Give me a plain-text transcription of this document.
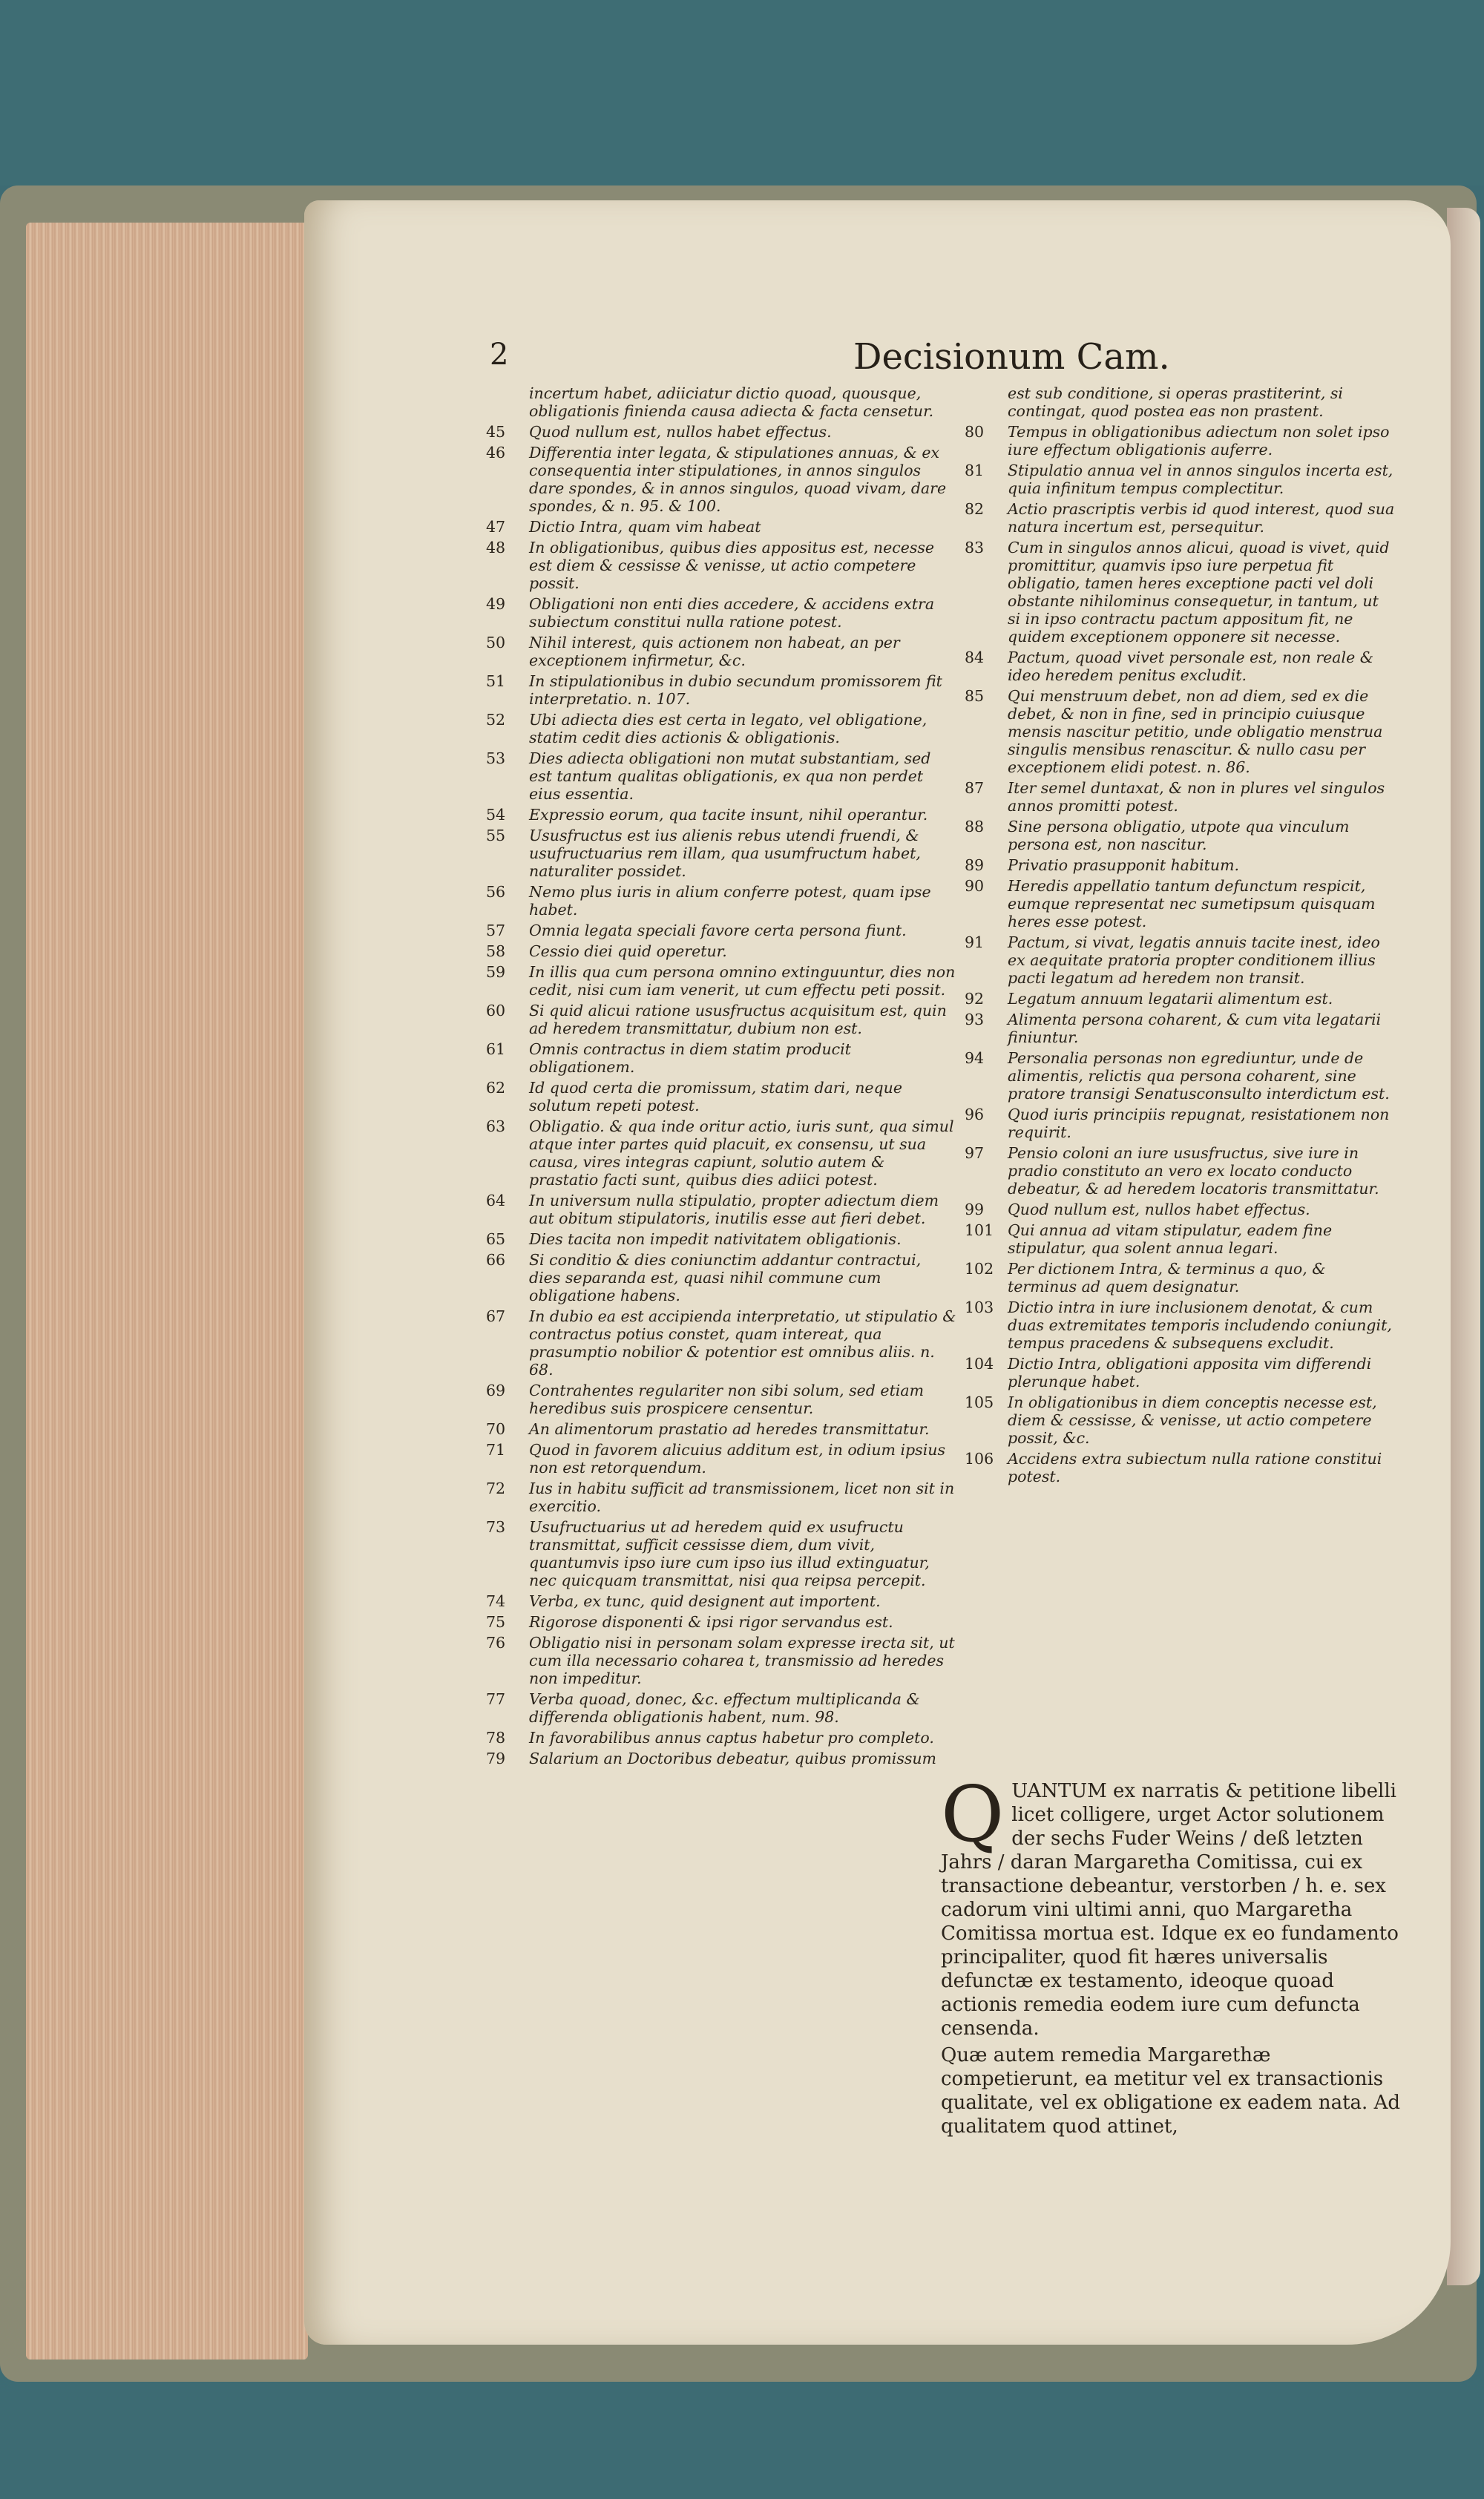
2	Decisionum Cam.

incertum habet, adiiciatur dictio quoad, quousque, obligationis finienda causa adiecta & facta censetur.

45	Quod nullum est, nullos habet effectus.

46	Differentia inter legata, & stipulationes annuas, & ex consequentia inter stipulationes, in annos singulos dare spondes, & in annos singulos, quoad vivam, dare spondes, & n. 95. & 100.

47	Dictio Intra, quam vim habeat

48	In obligationibus, quibus dies appositus est, necesse est diem & cessisse & venisse, ut actio competere possit.

49	Obligationi non enti dies accedere, & accidens extra subiectum constitui nulla ratione potest.

50	Nihil interest, quis actionem non habeat, an per exceptionem infirmetur, &c.

51	In stipulationibus in dubio secundum promissorem fit interpretatio. n. 107.

52	Ubi adiecta dies est certa in legato, vel obligatione, statim cedit dies actionis & obligationis.

53	Dies adiecta obligationi non mutat substantiam, sed est tantum qualitas obligationis, ex qua non perdet eius essentia.

54	Expressio eorum, qua tacite insunt, nihil operantur.

55	Ususfructus est ius alienis rebus utendi fruendi, & usufructuarius rem illam, qua usumfructum habet, naturaliter possidet.

56	Nemo plus iuris in alium conferre potest, quam ipse habet.

57	Omnia legata speciali favore certa persona fiunt.

58	Cessio diei quid operetur.

59	In illis qua cum persona omnino extinguuntur, dies non cedit, nisi cum iam venerit, ut cum effectu peti possit.

60	Si quid alicui ratione ususfructus acquisitum est, quin ad heredem transmittatur, dubium non est.

61	Omnis contractus in diem statim producit obligationem.

62	Id quod certa die promissum, statim dari, neque solutum repeti potest.

63	Obligatio. & qua inde oritur actio, iuris sunt, qua simul atque inter partes quid placuit, ex consensu, ut sua causa, vires integras capiunt, solutio autem & prastatio facti sunt, quibus dies adiici potest.

64	In universum nulla stipulatio, propter adiectum diem aut obitum stipulatoris, inutilis esse aut fieri debet.

65	Dies tacita non impedit nativitatem obligationis.

66	Si conditio & dies coniunctim addantur contractui, dies separanda est, quasi nihil commune cum obligatione habens.

67	In dubio ea est accipienda interpretatio, ut stipulatio & contractus potius constet, quam intereat, qua prasumptio nobilior & potentior est omnibus aliis. n. 68.

69	Contrahentes regulariter non sibi solum, sed etiam heredibus suis prospicere censentur.

70	An alimentorum prastatio ad heredes transmittatur.

71	Quod in favorem alicuius additum est, in odium ipsius non est retorquendum.

72	Ius in habitu sufficit ad transmissionem, licet non sit in exercitio.

73	Usufructuarius ut ad heredem quid ex usufructu transmittat, sufficit cessisse diem, dum vivit, quantumvis ipso iure cum ipso ius illud extinguatur, nec quicquam transmittat, nisi qua reipsa percepit.

74	Verba, ex tunc, quid designent aut importent.

75	Rigorose disponenti & ipsi rigor servandus est.

76	Obligatio nisi in personam solam expresse irecta sit, ut cum illa necessario coharea t, transmissio ad heredes non impeditur.

77	Verba quoad, donec, &c. effectum multiplicanda & differenda obligationis habent, num. 98.

78	In favorabilibus annus captus habetur pro completo.

79	Salarium an Doctoribus debeatur, quibus promissum

est sub conditione, si operas prastiterint, si contingat, quod postea eas non prastent.

80	Tempus in obligationibus adiectum non solet ipso iure effectum obligationis auferre.

81	Stipulatio annua vel in annos singulos incerta est, quia infinitum tempus complectitur.

82	Actio prascriptis verbis id quod interest, quod sua natura incertum est, persequitur.

83	Cum in singulos annos alicui, quoad is vivet, quid promittitur, quamvis ipso iure perpetua fit obligatio, tamen heres exceptione pacti vel doli obstante nihilominus consequetur, in tantum, ut si in ipso contractu pactum appositum fit, ne quidem exceptionem opponere sit necesse.

84	Pactum, quoad vivet personale est, non reale & ideo heredem penitus excludit.

85	Qui menstruum debet, non ad diem, sed ex die debet, & non in fine, sed in principio cuiusque mensis nascitur petitio, unde obligatio menstrua singulis mensibus renascitur. & nullo casu per exceptionem elidi potest. n. 86.

87	Iter semel duntaxat, & non in plures vel singulos annos promitti potest.

88	Sine persona obligatio, utpote qua vinculum persona est, non nascitur.

89	Privatio prasupponit habitum.

90	Heredis appellatio tantum defunctum respicit, eumque representat nec sumetipsum quisquam heres esse potest.

91	Pactum, si vivat, legatis annuis tacite inest, ideo ex aequitate pratoria propter conditionem illius pacti legatum ad heredem non transit.

92	Legatum annuum legatarii alimentum est.

93	Alimenta persona coharent, & cum vita legatarii finiuntur.

94	Personalia personas non egrediuntur, unde de alimentis, relictis qua persona coharent, sine pratore transigi Senatusconsulto interdictum est.

96	Quod iuris principiis repugnat, resistationem non requirit.

97	Pensio coloni an iure ususfructus, sive iure in pradio constituto an vero ex locato conducto debeatur, & ad heredem locatoris transmittatur.

99	Quod nullum est, nullos habet effectus.

101 Qui annua ad vitam stipulatur, eadem fine stipulatur, qua solent annua legari.

102 Per dictionem Intra, & terminus a quo, & terminus ad quem designatur.

103 Dictio intra in iure inclusionem denotat, & cum duas extremitates temporis includendo coniungit, tempus pracedens & subsequens excludit.

104 Dictio Intra, obligationi apposita vim differendi plerunque habet.

105 In obligationibus in diem conceptis necesse est, diem & cessisse, & venisse, ut actio competere possit, &c.

106 Accidens extra subiectum nulla ratione constitui potest.

Q UANTUM ex narratis & petitione libelli licet colligere, urget Actor solutionem der sechs Fuder Weins / deß letzten Jahrs / daran Margaretha Comitissa, cui ex transactione debeantur, verstorben / h. e. sex cadorum vini ultimi anni, quo Margaretha Comitissa mortua est. Idque ex eo fundamento principaliter, quod fit hæres universalis defunctæ ex testamento, ideoque quoad actionis remedia eodem iure cum defuncta censenda.

Quæ autem remedia Margarethæ competierunt, ea metitur vel ex transactionis qualitate, vel ex obligatione ex eadem nata. Ad qualitatem quod attinet,
